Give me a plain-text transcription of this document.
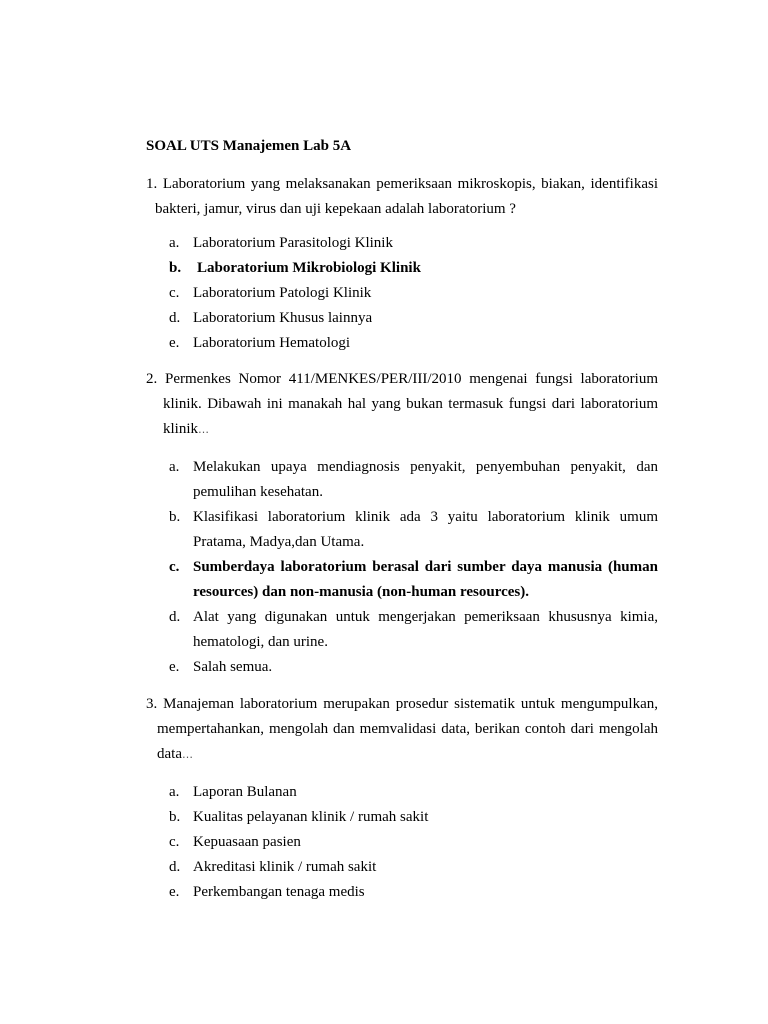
SOAL UTS Manajemen Lab 5A
1. Laboratorium yang melaksanakan pemeriksaan mikroskopis, biakan, identifikasi
bakteri, jamur, virus dan uji kepekaan adalah laboratorium ?
a. Laboratorium Parasitologi Klinik
b. Laboratorium Mikrobiologi Klinik
c. Laboratorium Patologi Klinik
d. Laboratorium Khusus lainnya
e. Laboratorium Hematologi
2. Permenkes Nomor 411/MENKES/PER/III/2010 mengenai fungsi laboratorium
klinik. Dibawah ini manakah hal yang bukan termasuk fungsi dari laboratorium
klinik…
a. Melakukan upaya mendiagnosis penyakit, penyembuhan penyakit, dan
pemulihan kesehatan.
b. Klasifikasi laboratorium klinik ada 3 yaitu laboratorium klinik umum
Pratama, Madya,dan Utama.
c. Sumberdaya laboratorium berasal dari sumber daya manusia (human
resources) dan non-manusia (non-human resources).
d. Alat yang digunakan untuk mengerjakan pemeriksaan khususnya kimia,
hematologi, dan urine.
e. Salah semua.
3. Manajeman laboratorium merupakan prosedur sistematik untuk mengumpulkan,
mempertahankan, mengolah dan memvalidasi data, berikan contoh dari mengolah
data…
a. Laporan Bulanan
b. Kualitas pelayanan klinik / rumah sakit
c. Kepuasaan pasien
d. Akreditasi klinik / rumah sakit
e. Perkembangan tenaga medis
